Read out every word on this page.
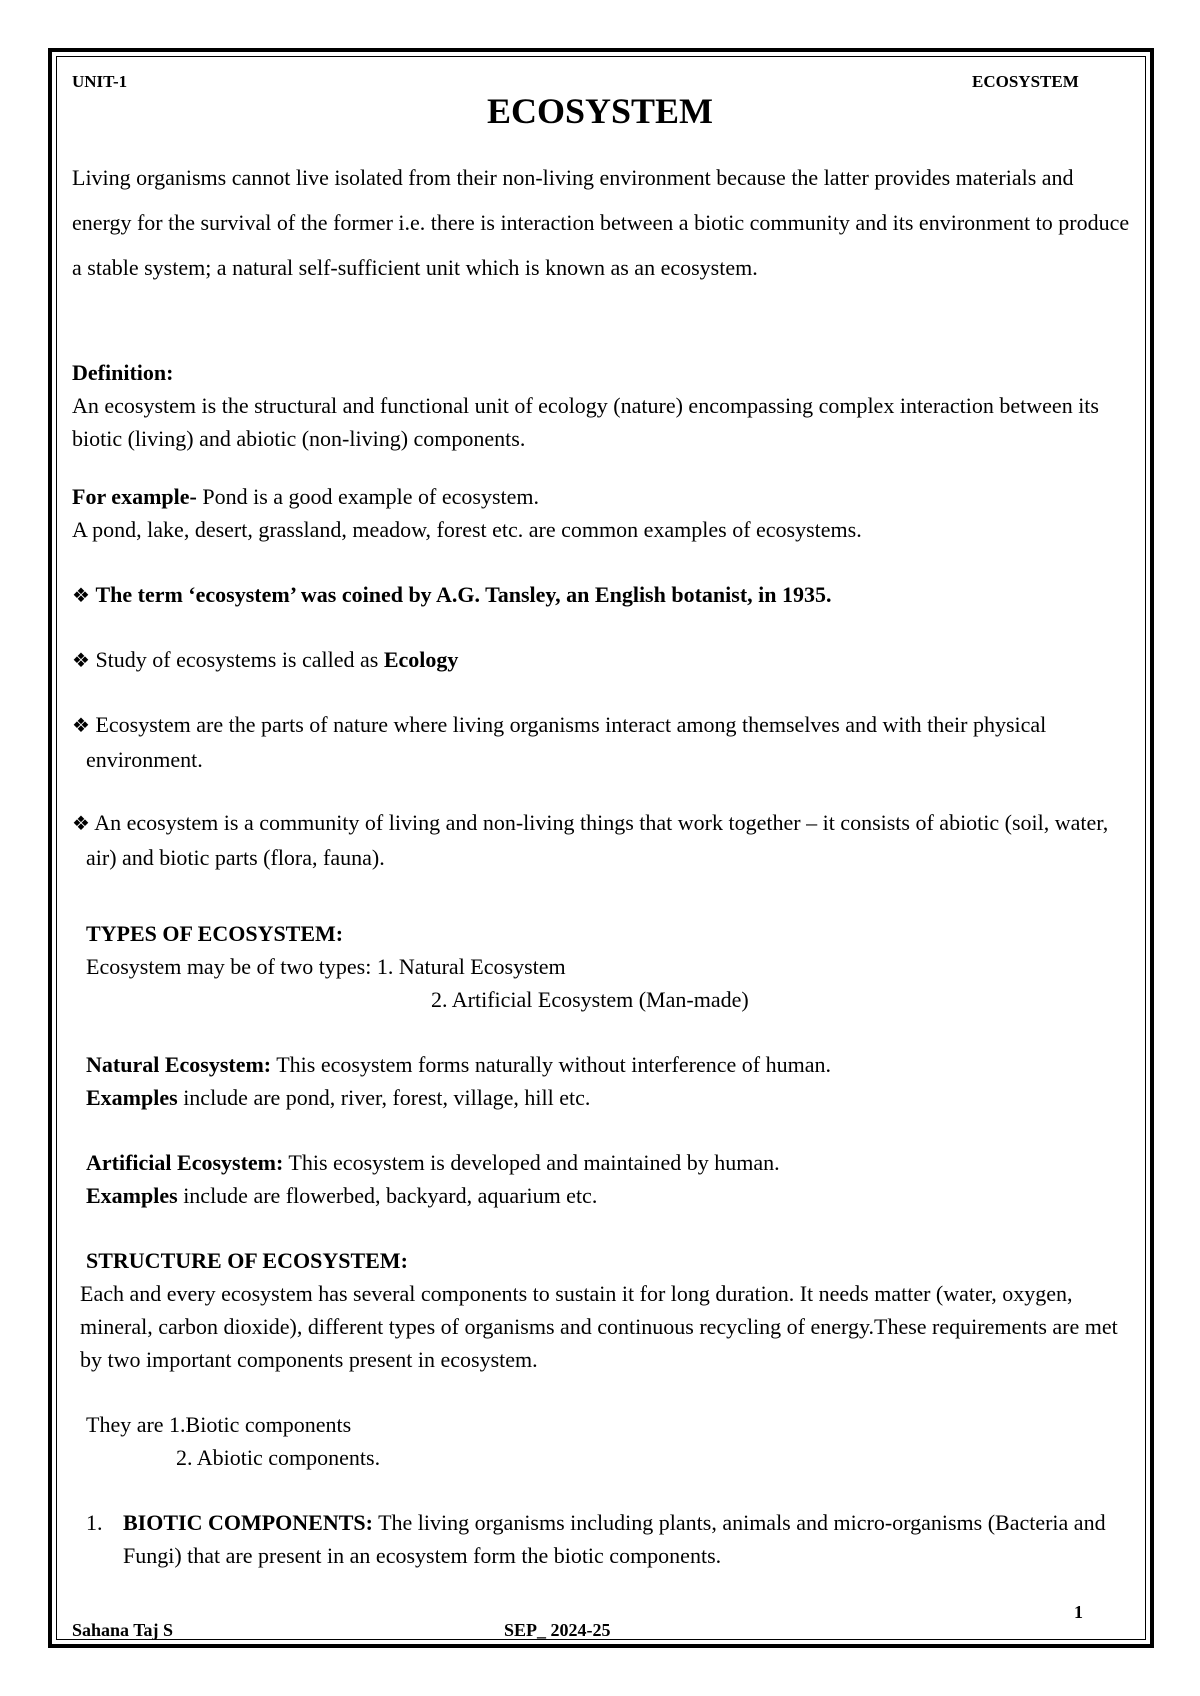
UNIT-1	ECOSYSTEM
ECOSYSTEM
Living organisms cannot live isolated from their non-living environment because the latter provides materials and energy for the survival of the former i.e. there is interaction between a biotic community and its environment to produce a stable system; a natural self-sufficient unit which is known as an ecosystem.
Definition:
An ecosystem is the structural and functional unit of ecology (nature) encompassing complex interaction between its biotic (living) and abiotic (non-living) components.
For example- Pond is a good example of ecosystem.
A pond, lake, desert, grassland, meadow, forest etc. are common examples of ecosystems.
❖ The term ‘ecosystem’ was coined by A.G. Tansley, an English botanist, in 1935.
❖ Study of ecosystems is called as Ecology
❖ Ecosystem are the parts of nature where living organisms interact among themselves and with their physical environment.
❖ An ecosystem is a community of living and non-living things that work together – it consists of abiotic (soil, water, air) and biotic parts (flora, fauna).
TYPES OF ECOSYSTEM:
Ecosystem may be of two types: 1. Natural Ecosystem
2. Artificial Ecosystem (Man-made)
Natural Ecosystem: This ecosystem forms naturally without interference of human.
Examples include are pond, river, forest, village, hill etc.
Artificial Ecosystem: This ecosystem is developed and maintained by human.
Examples include are flowerbed, backyard, aquarium etc.
STRUCTURE OF ECOSYSTEM:
Each and every ecosystem has several components to sustain it for long duration. It needs matter (water, oxygen, mineral, carbon dioxide), different types of organisms and continuous recycling of energy.These requirements are met by two important components present in ecosystem.
They are 1.Biotic components
2. Abiotic components.
1. BIOTIC COMPONENTS: The living organisms including plants, animals and micro-organisms (Bacteria and Fungi) that are present in an ecosystem form the biotic components.
1
Sahana Taj S	SEP_ 2024-25
